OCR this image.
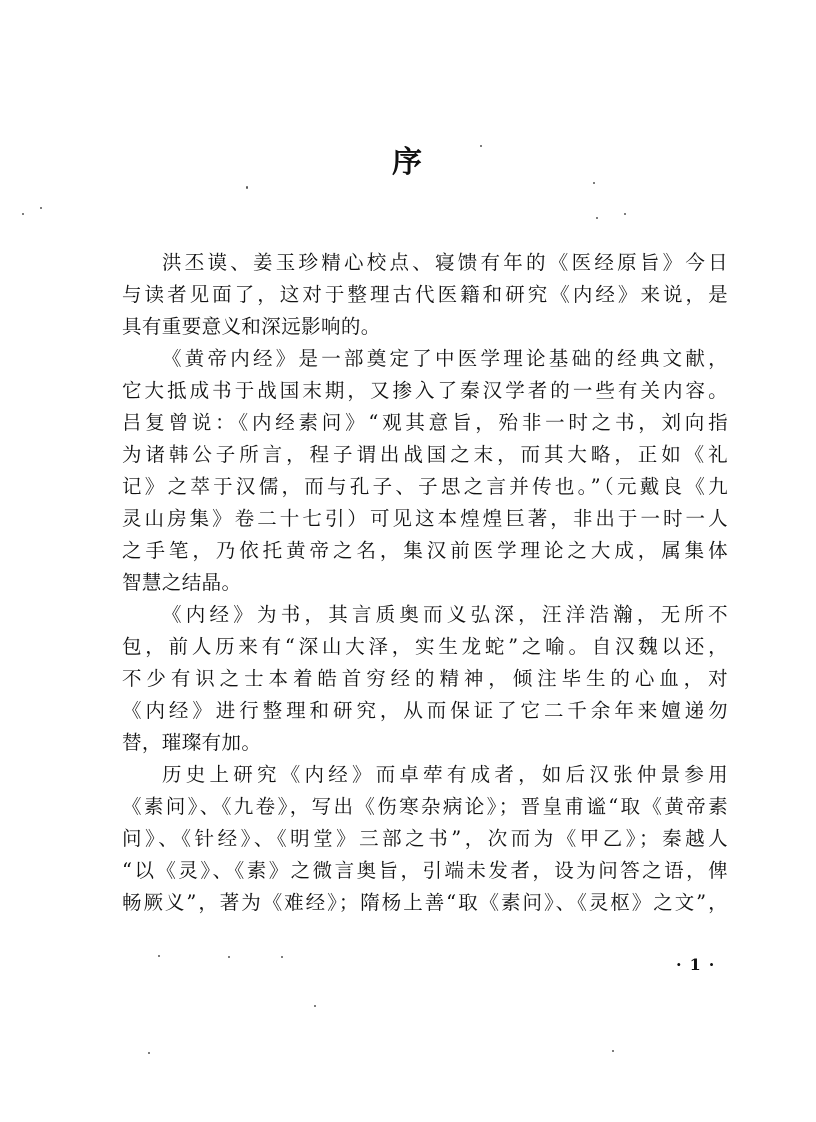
序
洪丕谟、姜玉珍精心校点、寝馈有年的《医经原旨》今日
与读者见面了，这对于整理古代医籍和研究《内经》来说，是
具有重要意义和深远影响的。
《黄帝内经》是一部奠定了中医学理论基础的经典文献，
它大抵成书于战国末期，又掺入了秦汉学者的一些有关内容。
吕复曾说：《内经素问》“观其意旨，殆非一时之书，刘向指
为诸韩公子所言，程子谓出战国之末，而其大略，正如《礼
记》之萃于汉儒，而与孔子、子思之言并传也。”（元戴良《九
灵山房集》卷二十七引）可见这本煌煌巨著，非出于一时一人
之手笔，乃依托黄帝之名，集汉前医学理论之大成，属集体
智慧之结晶。
《内经》为书，其言质奥而义弘深，汪洋浩瀚，无所不
包，前人历来有“深山大泽，实生龙蛇”之喻。自汉魏以还，
不少有识之士本着皓首穷经的精神，倾注毕生的心血，对
《内经》进行整理和研究，从而保证了它二千余年来嬗递勿
替，璀璨有加。
历史上研究《内经》而卓荦有成者，如后汉张仲景参用
《素问》、《九卷》，写出《伤寒杂病论》；晋皇甫谧“取《黄帝素
问》、《针经》、《明堂》三部之书”，次而为《甲乙》；秦越人
“以《灵》、《素》之微言奥旨，引端未发者，设为问答之语，俾
畅厥义”，著为《难经》；隋杨上善“取《素问》、《灵枢》之文”，
·1·
